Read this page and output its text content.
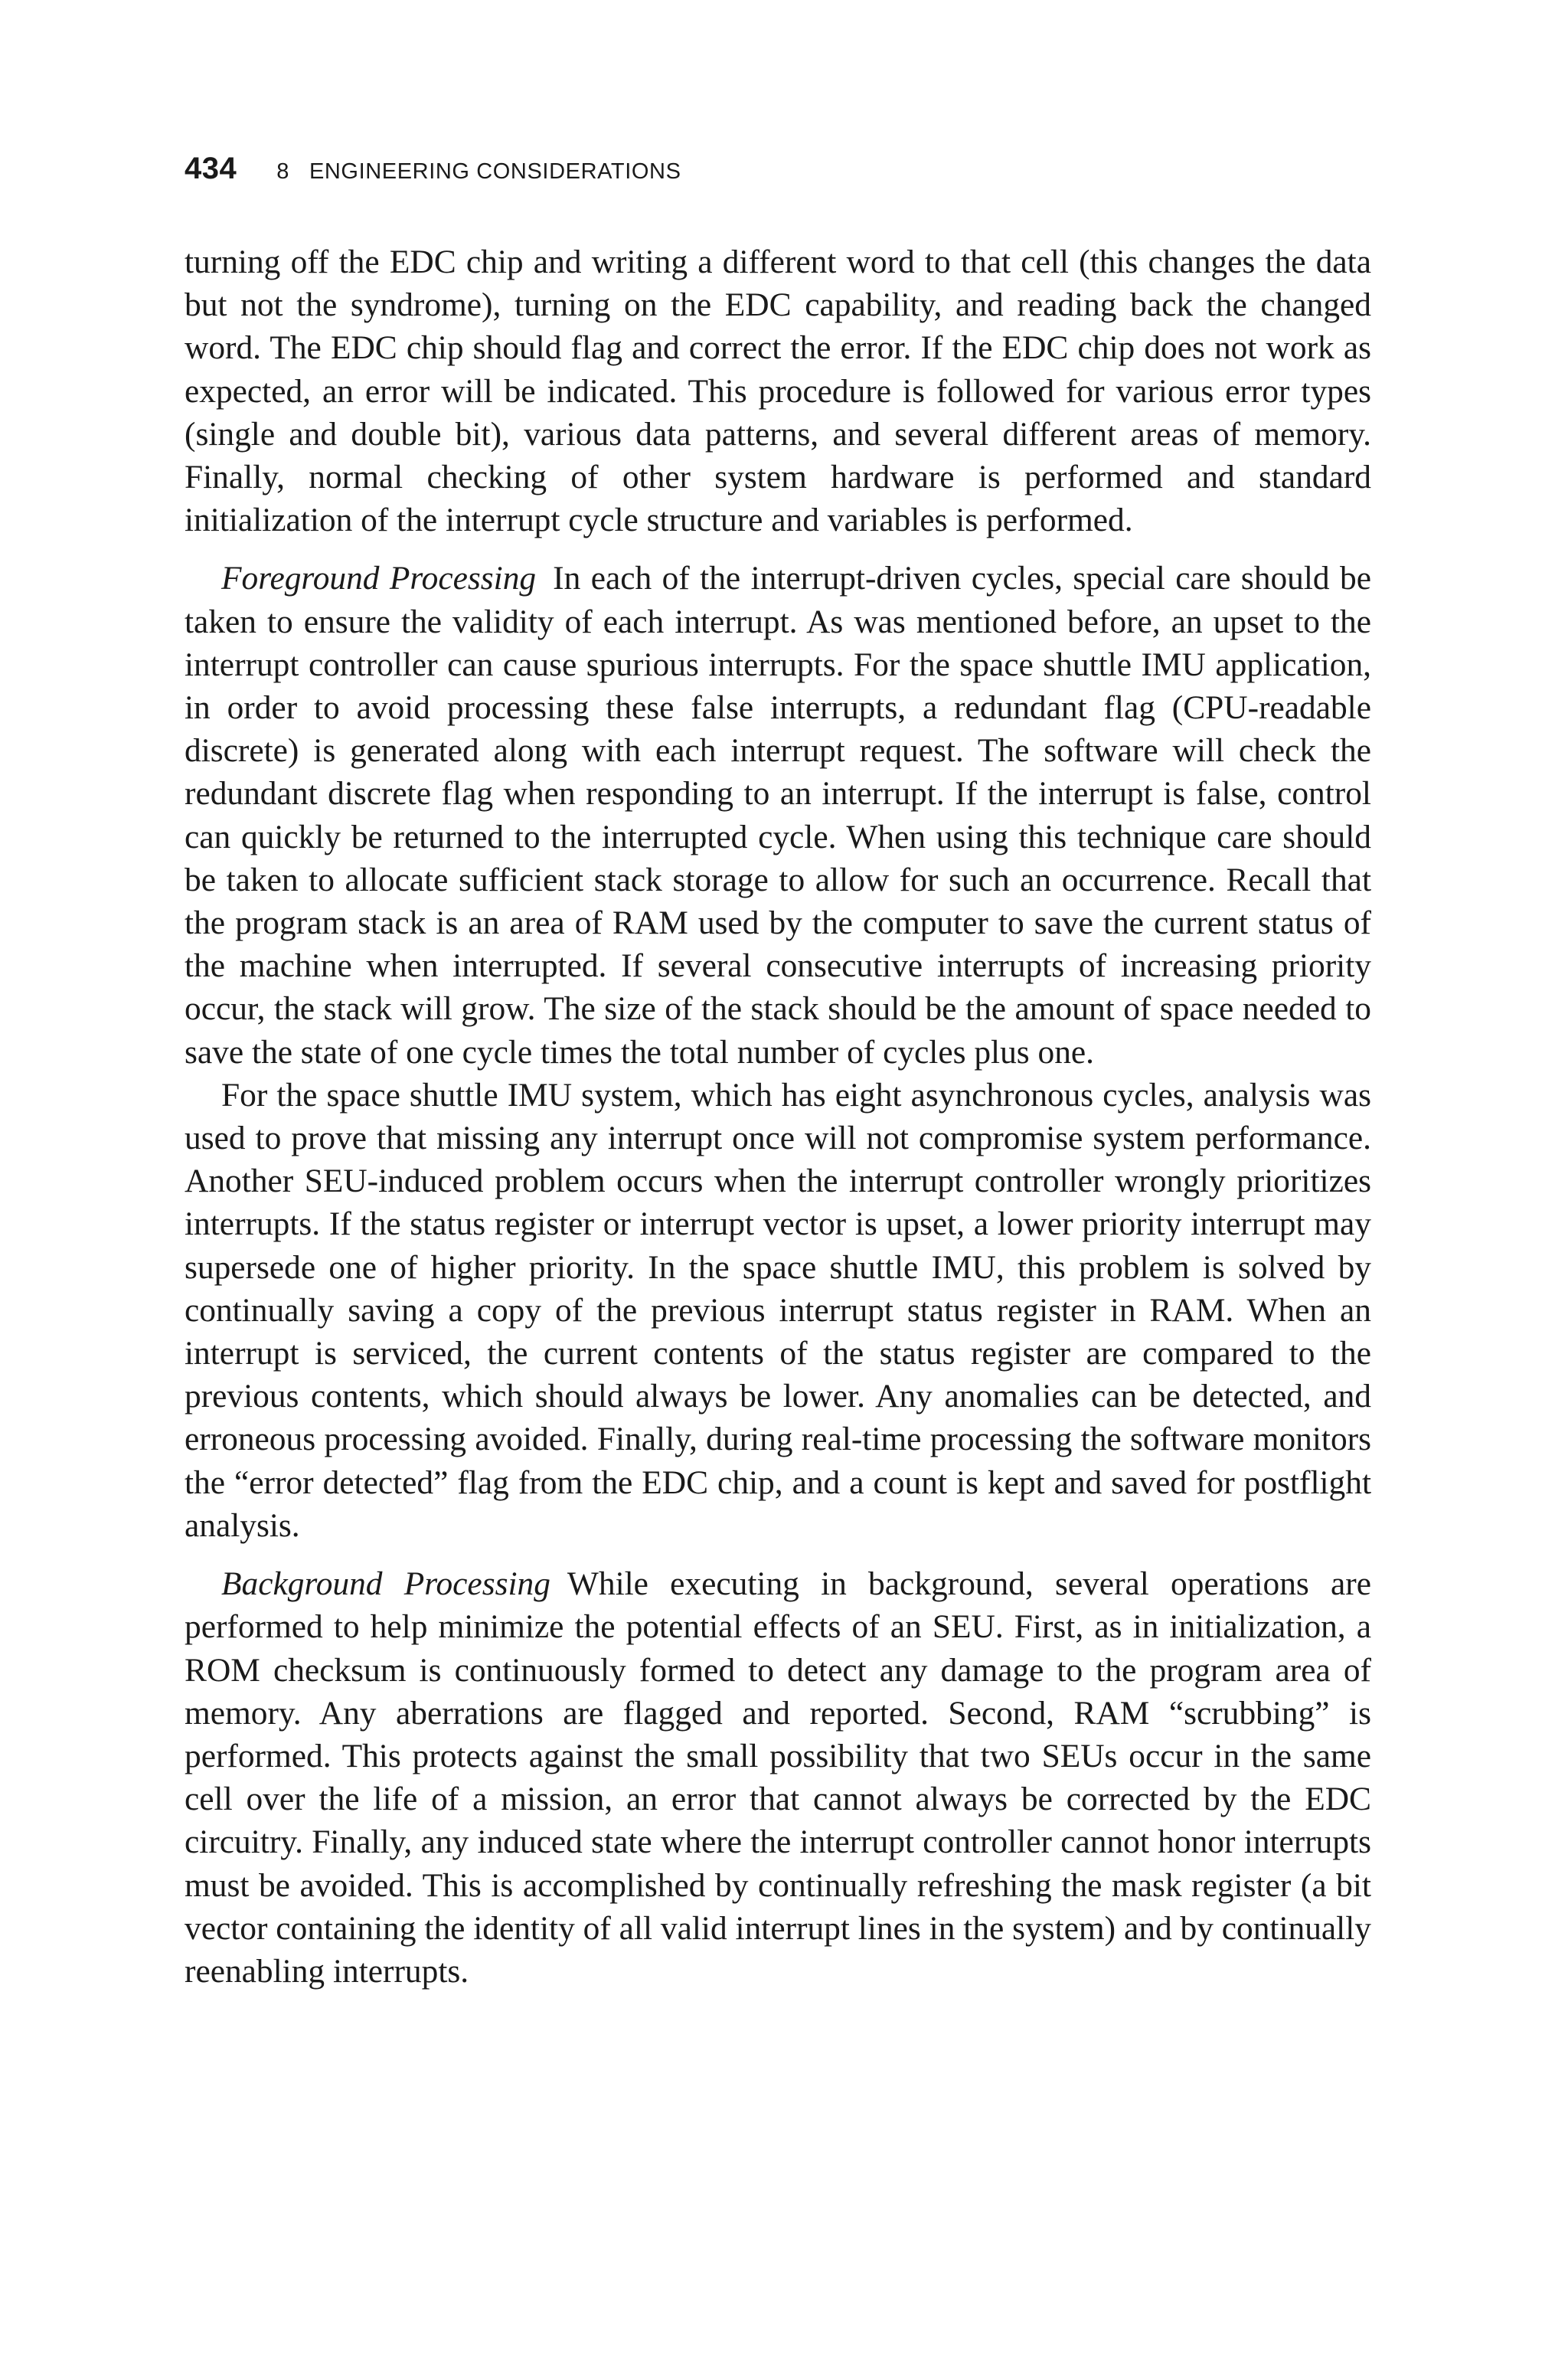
434 8   ENGINEERING CONSIDERATIONS

turning off the EDC chip and writing a different word to that cell (this changes the data but not the syndrome), turning on the EDC capability, and reading back the changed word. The EDC chip should flag and correct the error. If the EDC chip does not work as expected, an error will be indicated. This procedure is followed for various error types (single and double bit), various data patterns, and several different areas of memory. Finally, normal checking of other system hardware is performed and standard initialization of the interrupt cycle structure and variables is performed.

Foreground Processing In each of the interrupt-driven cycles, special care should be taken to ensure the validity of each interrupt. As was mentioned before, an upset to the interrupt controller can cause spurious interrupts. For the space shuttle IMU application, in order to avoid processing these false interrupts, a redundant flag (CPU-readable discrete) is generated along with each interrupt request. The software will check the redundant discrete flag when responding to an interrupt. If the interrupt is false, control can quickly be returned to the interrupted cycle. When using this technique care should be taken to allocate sufficient stack storage to allow for such an occurrence. Recall that the program stack is an area of RAM used by the computer to save the current status of the machine when interrupted. If several consecutive interrupts of increasing priority occur, the stack will grow. The size of the stack should be the amount of space needed to save the state of one cycle times the total number of cycles plus one.

For the space shuttle IMU system, which has eight asynchronous cycles, analysis was used to prove that missing any interrupt once will not compromise system performance. Another SEU-induced problem occurs when the interrupt controller wrongly prioritizes interrupts. If the status register or interrupt vector is upset, a lower priority interrupt may supersede one of higher priority. In the space shuttle IMU, this problem is solved by continually saving a copy of the previous interrupt status register in RAM. When an interrupt is serviced, the current contents of the status register are compared to the previous contents, which should always be lower. Any anomalies can be detected, and erroneous processing avoided. Finally, during real-time processing the software monitors the “error detected” flag from the EDC chip, and a count is kept and saved for postflight analysis.

Background Processing While executing in background, several operations are performed to help minimize the potential effects of an SEU. First, as in initialization, a ROM checksum is continuously formed to detect any damage to the program area of memory. Any aberrations are flagged and reported. Second, RAM “scrubbing” is performed. This protects against the small possibility that two SEUs occur in the same cell over the life of a mission, an error that cannot always be corrected by the EDC circuitry. Finally, any induced state where the interrupt controller cannot honor interrupts must be avoided. This is accomplished by continually refreshing the mask register (a bit vector containing the identity of all valid interrupt lines in the system) and by continually reenabling interrupts.
